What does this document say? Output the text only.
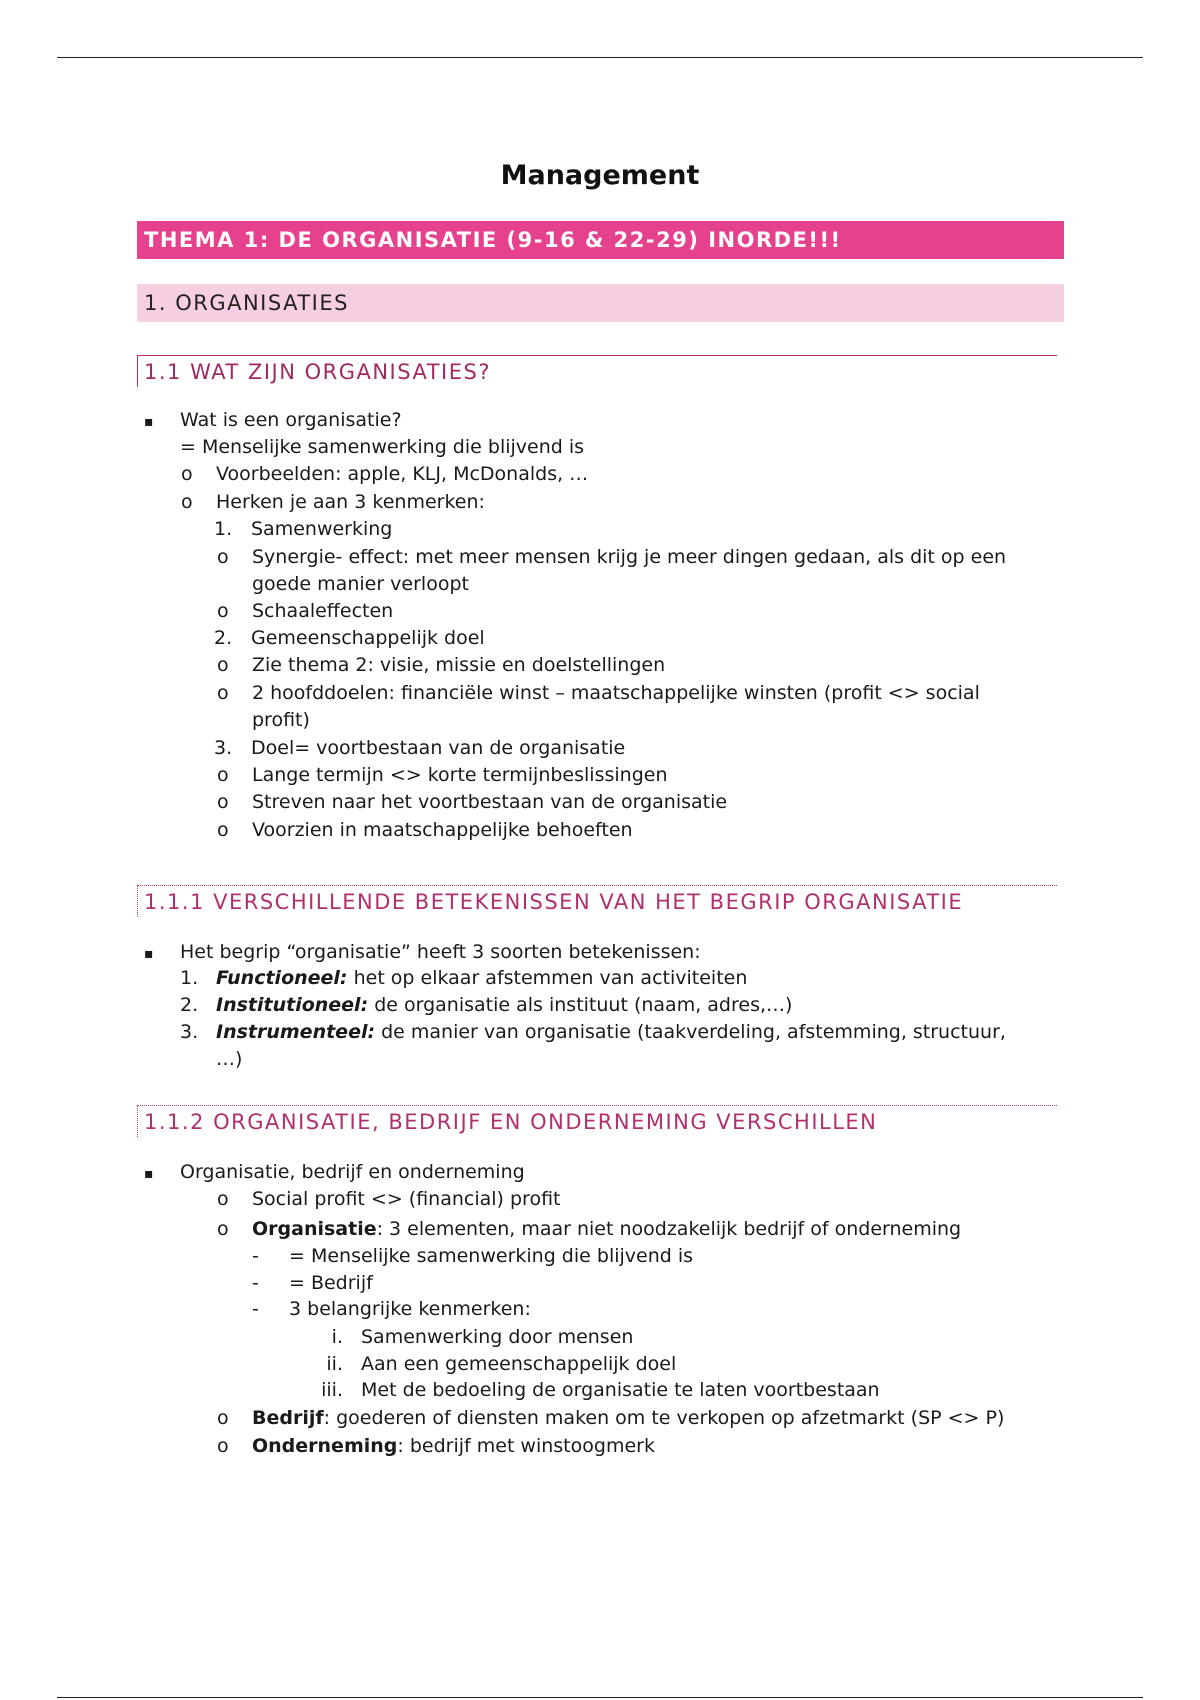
Management
THEMA 1: DE ORGANISATIE (9-16 & 22-29) INORDE!!!
1. ORGANISATIES
1.1 WAT ZIJN ORGANISATIES?
▪ Wat is een organisatie?
= Menselijke samenwerking die blijvend is
o Voorbeelden: apple, KLJ, McDonalds, …
o Herken je aan 3 kenmerken:
1. Samenwerking
o Synergie- effect: met meer mensen krijg je meer dingen gedaan, als dit op een
goede manier verloopt
o Schaaleffecten
2. Gemeenschappelijk doel
o Zie thema 2: visie, missie en doelstellingen
o 2 hoofddoelen: financiële winst – maatschappelijke winsten (profit <> social
profit)
3. Doel= voortbestaan van de organisatie
o Lange termijn <> korte termijnbeslissingen
o Streven naar het voortbestaan van de organisatie
o Voorzien in maatschappelijke behoeften
1.1.1 VERSCHILLENDE BETEKENISSEN VAN HET BEGRIP ORGANISATIE
▪ Het begrip “organisatie” heeft 3 soorten betekenissen:
1. Functioneel: het op elkaar afstemmen van activiteiten
2. Institutioneel: de organisatie als instituut (naam, adres,…)
3. Instrumenteel: de manier van organisatie (taakverdeling, afstemming, structuur,
…)
1.1.2 ORGANISATIE, BEDRIJF EN ONDERNEMING VERSCHILLEN
▪ Organisatie, bedrijf en onderneming
o Social profit <> (financial) profit
o Organisatie: 3 elementen, maar niet noodzakelijk bedrijf of onderneming
- = Menselijke samenwerking die blijvend is
- = Bedrijf
- 3 belangrijke kenmerken:
i. Samenwerking door mensen
ii. Aan een gemeenschappelijk doel
iii. Met de bedoeling de organisatie te laten voortbestaan
o Bedrijf: goederen of diensten maken om te verkopen op afzetmarkt (SP <> P)
o Onderneming: bedrijf met winstoogmerk
